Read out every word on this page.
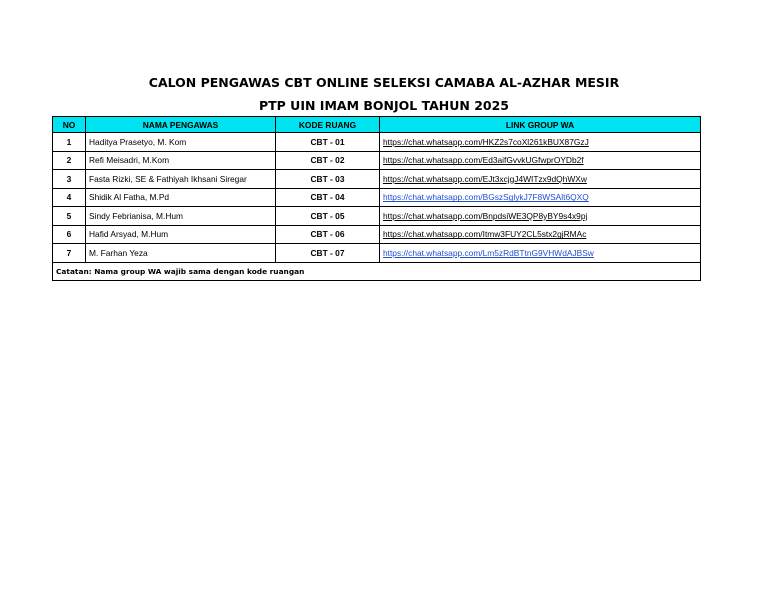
CALON PENGAWAS CBT ONLINE SELEKSI CAMABA AL-AZHAR MESIR
PTP UIN IMAM BONJOL TAHUN 2025
NO	NAMA PENGAWAS	KODE RUANG	LINK GROUP WA
1	Haditya Prasetyo, M. Kom	CBT - 01	https://chat.whatsapp.com/HKZ2s7coXl261kBUX87GzJ
2	Refi Meisadri, M.Kom	CBT - 02	https://chat.whatsapp.com/Ed3aifGvvkUGfwprOYDb2f
3	Fasta Rizki, SE & Fathiyah Ikhsani Siregar	CBT - 03	https://chat.whatsapp.com/EJt3xcjgJ4WITzx9dQhWXw
4	Shidik Al Fatha, M.Pd	CBT - 04	https://chat.whatsapp.com/BGszSglykJ7F8WSAlt6QXQ
5	Sindy Febrianisa, M.Hum	CBT - 05	https://chat.whatsapp.com/BnpdsiWE3QP8yBY9s4x9pj
6	Hafid Arsyad, M.Hum	CBT - 06	https://chat.whatsapp.com/Itmw3FUY2CL5stx2gjRMAc
7	M. Farhan Yeza	CBT - 07	https://chat.whatsapp.com/Lm5zRdBTtnG9VHWdAJBSw
Catatan: Nama group WA wajib sama dengan kode ruangan			
